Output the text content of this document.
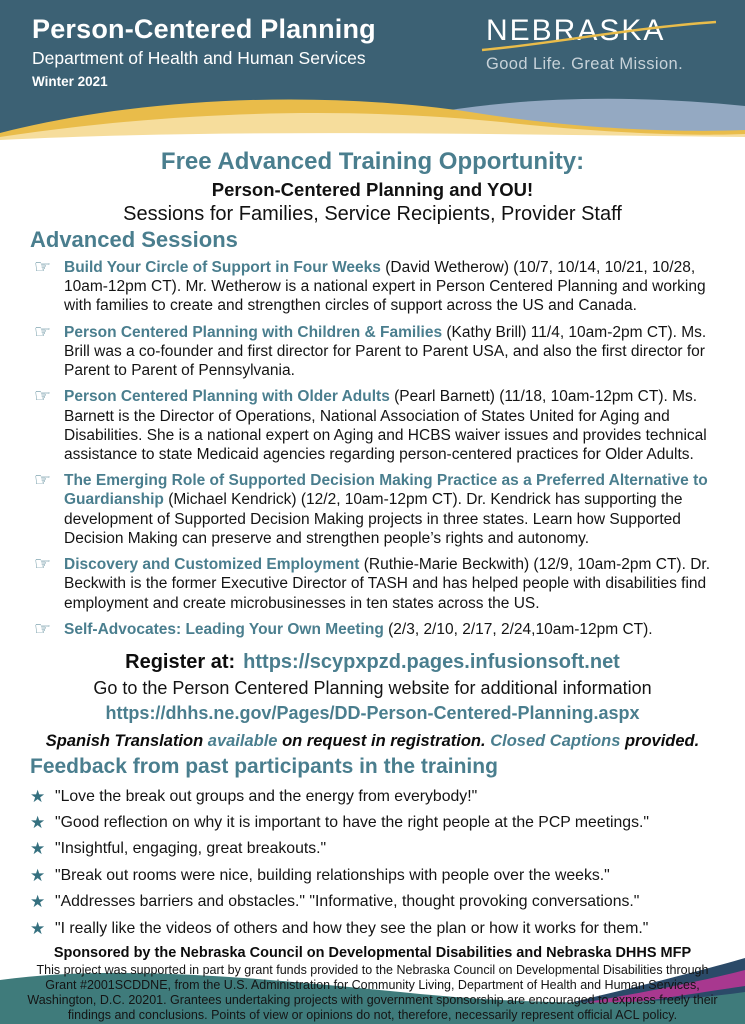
Person-Centered Planning
Department of Health and Human Services
Winter 2021
NEBRASKA
Good Life. Great Mission.
Free Advanced Training Opportunity:
Person-Centered Planning and YOU!
Sessions for Families, Service Recipients, Provider Staff
Advanced Sessions
☞ Build Your Circle of Support in Four Weeks (David Wetherow) (10/7, 10/14, 10/21, 10/28, 10am-12pm CT). Mr. Wetherow is a national expert in Person Centered Planning and working with families to create and strengthen circles of support across the US and Canada.
☞ Person Centered Planning with Children & Families (Kathy Brill) 11/4, 10am-2pm CT). Ms. Brill was a co-founder and first director for Parent to Parent USA, and also the first director for Parent to Parent of Pennsylvania.
☞ Person Centered Planning with Older Adults (Pearl Barnett) (11/18, 10am-12pm CT). Ms. Barnett is the Director of Operations, National Association of States United for Aging and Disabilities. She is a national expert on Aging and HCBS waiver issues and provides technical assistance to state Medicaid agencies regarding person-centered practices for Older Adults.
☞ The Emerging Role of Supported Decision Making Practice as a Preferred Alternative to Guardianship (Michael Kendrick) (12/2, 10am-12pm CT). Dr. Kendrick has supporting the development of Supported Decision Making projects in three states. Learn how Supported Decision Making can preserve and strengthen people’s rights and autonomy.
☞ Discovery and Customized Employment (Ruthie-Marie Beckwith) (12/9, 10am-2pm CT). Dr. Beckwith is the former Executive Director of TASH and has helped people with disabilities find employment and create microbusinesses in ten states across the US.
☞ Self-Advocates: Leading Your Own Meeting (2/3, 2/10, 2/17, 2/24,10am-12pm CT).
Register at: https://scypxpzd.pages.infusionsoft.net
Go to the Person Centered Planning website for additional information
https://dhhs.ne.gov/Pages/DD-Person-Centered-Planning.aspx
Spanish Translation available on request in registration. Closed Captions provided.
Feedback from past participants in the training
★ "Love the break out groups and the energy from everybody!"
★ "Good reflection on why it is important to have the right people at the PCP meetings."
★ "Insightful, engaging, great breakouts."
★ "Break out rooms were nice, building relationships with people over the weeks."
★ "Addresses barriers and obstacles." "Informative, thought provoking conversations."
★ "I really like the videos of others and how they see the plan or how it works for them."
Sponsored by the Nebraska Council on Developmental Disabilities and Nebraska DHHS MFP
This project was supported in part by grant funds provided to the Nebraska Council on Developmental Disabilities through Grant #2001SCDDNE, from the U.S. Administration for Community Living, Department of Health and Human Services, Washington, D.C. 20201. Grantees undertaking projects with government sponsorship are encouraged to express freely their findings and conclusions. Points of view or opinions do not, therefore, necessarily represent official ACL policy.
